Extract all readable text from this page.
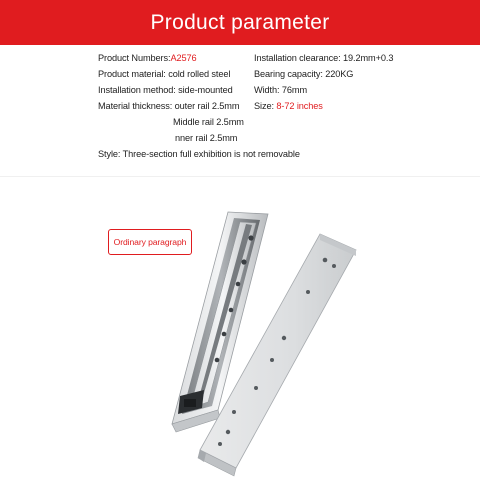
Product parameter
Product Numbers:A2576	Installation clearance: 19.2mm+0.3
Product material: cold rolled steel	Bearing capacity: 220KG
Installation method: side-mounted Width: 76mm
Material thickness: outer rail 2.5mm Size: 8-72 inches
Middle rail 2.5mm
nner rail 2.5mm
Style: Three-section full exhibition is not removable
Ordinary paragraph
